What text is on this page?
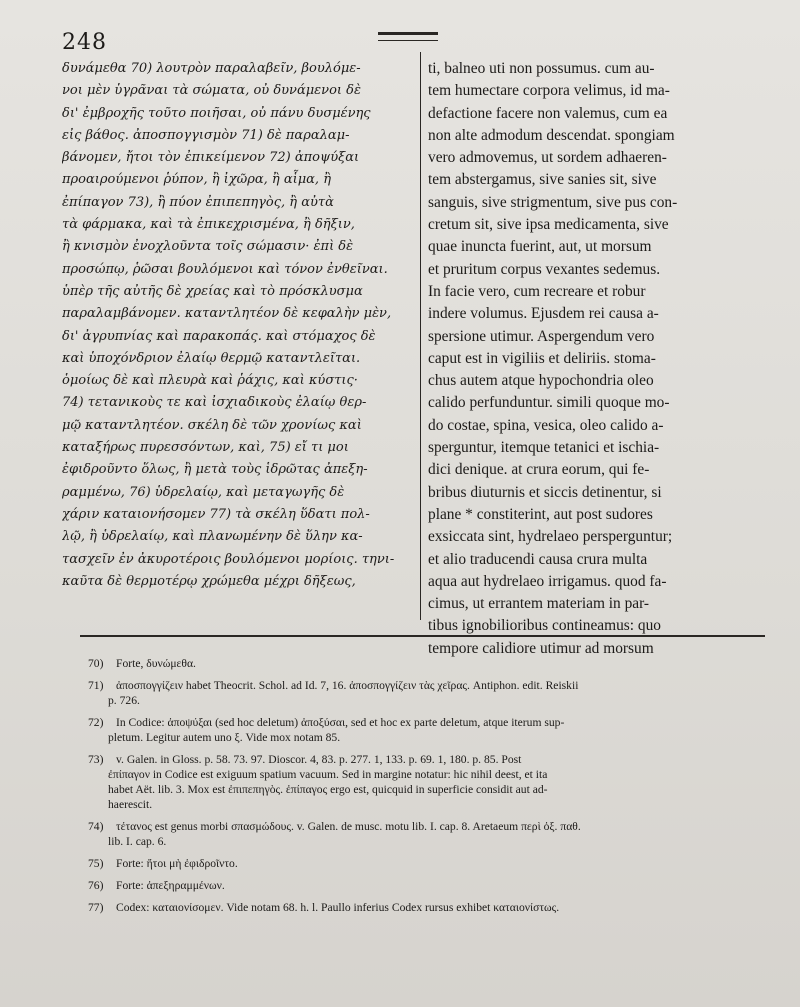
248
δυνάμεθα 70) λουτρὸν παραλαβεῖν, βουλόμε-
νοι μὲν ὑγρᾶναι τὰ σώματα, οὐ δυνάμενοι δὲ
δι' ἐμβροχῆς τοῦτο ποιῆσαι, οὐ πάνυ δυσμένης
εἰς βάθος. ἀποσπογγισμὸν 71) δὲ παραλαμ-
βάνομεν, ἤτοι τὸν ἐπικείμενον 72) ἀποψύξαι
προαιρούμενοι ῥύπον, ἢ ἰχῶρα, ἢ αἷμα, ἢ
ἐπίπαγον 73), ἢ πύον ἐπιπεπηγὸς, ἢ αὐτὰ
τὰ φάρμακα, καὶ τὰ ἐπικεχρισμένα, ἢ δῆξιν,
ἢ κνισμὸν ἐνοχλοῦντα τοῖς σώμασιν· ἐπὶ δὲ
προσώπῳ, ῥῶσαι βουλόμενοι καὶ τόνον ἐνθεῖναι.
ὑπὲρ τῆς αὐτῆς δὲ χρείας καὶ τὸ πρόσκλυσμα
παραλαμβάνομεν. καταντλητέον δὲ κεφαλὴν μὲν,
δι' ἀγρυπνίας καὶ παρακοπάς. καὶ στόμαχος δὲ
καὶ ὑποχόνδριον ἐλαίῳ θερμῷ καταντλεῖται.
ὁμοίως δὲ καὶ πλευρὰ καὶ ῥάχις, καὶ κύστις·
74) τετανικοὺς τε καὶ ἰσχιαδικοὺς ἐλαίῳ θερ-
μῷ καταντλητέον. σκέλη δὲ τῶν χρονίως καὶ
καταξήρως πυρεσσόντων, καὶ, 75) εἴ τι μοι
ἐφιδροῦντο ὅλως, ἢ μετὰ τοὺς ἱδρῶτας ἀπεξη-
ραμμένω, 76) ὑδρελαίῳ, καὶ μεταγωγῆς δὲ
χάριν καταιονήσομεν 77) τὰ σκέλη ὕδατι πολ-
λῷ, ἢ ὑδρελαίῳ, καὶ πλανωμένην δὲ ὕλην κα-
τασχεῖν ἐν ἀκυροτέροις βουλόμενοι μορίοις. τηνι-
καῦτα δὲ θερμοτέρῳ χρώμεθα μέχρι δῆξεως,
ti, balneo uti non possumus. cum au-
tem humectare corpora velimus, id ma-
defactione facere non valemus, cum ea
non alte admodum descendat. spongiam
vero admovemus, ut sordem adhaeren-
tem abstergamus, sive sanies sit, sive
sanguis, sive strigmentum, sive pus con-
cretum sit, sive ipsa medicamenta, sive
quae inuncta fuerint, aut, ut morsum
et pruritum corpus vexantes sedemus.
In facie vero, cum recreare et robur
indere volumus. Ejusdem rei causa a-
spersione utimur. Aspergendum vero
caput est in vigiliis et deliriis. stoma-
chus autem atque hypochondria oleo
calido perfunduntur. simili quoque mo-
do costae, spina, vesica, oleo calido a-
sperguntur, itemque tetanici et ischia-
dici denique. at crura eorum, qui fe-
bribus diuturnis et siccis detinentur, si
plane * constiterint, aut post sudores
exsiccata sint, hydrelaeo persperguntur;
et alio traducendi causa crura multa
aqua aut hydrelaeo irrigamus. quod fa-
cimus, ut errantem materiam in par-
tibus ignobilioribus contineamus: quo
tempore calidiore utimur ad morsum
70) Forte, δυνώμεθα.
71) ἀποσπογγίζειν habet Theocrit. Schol. ad Id. 7, 16. ἀποσπογγίζειν τὰς χεῖρας. Antiphon. edit. Reiskii
p. 726.
72) In Codice: ἀποψύξαι (sed hoc deletum) ἀποξύσαι, sed et hoc ex parte deletum, atque iterum sup-
pletum. Legitur autem uno ξ. Vide mox notam 85.
73) v. Galen. in Gloss. p. 58. 73. 97. Dioscor. 4, 83. p. 277. 1, 133. p. 69. 1, 180. p. 85. Post
ἐπίπαγον in Codice est exiguum spatium vacuum. Sed in margine notatur: hic nihil deest, et ita
habet Aët. lib. 3. Mox est ἐπιπεπηγὸς. ἐπίπαγος ergo est, quicquid in superficie considit aut ad-
haerescit.
74) τέτανος est genus morbi σπασμώδους. v. Galen. de musc. motu lib. I. cap. 8. Aretaeum περὶ ὀξ. παθ.
lib. I. cap. 6.
75) Forte: ἤτοι μὴ ἐφιδροῖντο.
76) Forte: ἀπεξηραμμένων.
77) Codex: καταιονίσομεν. Vide notam 68. h. l. Paullo inferius Codex rursus exhibet καταιονίστως.
